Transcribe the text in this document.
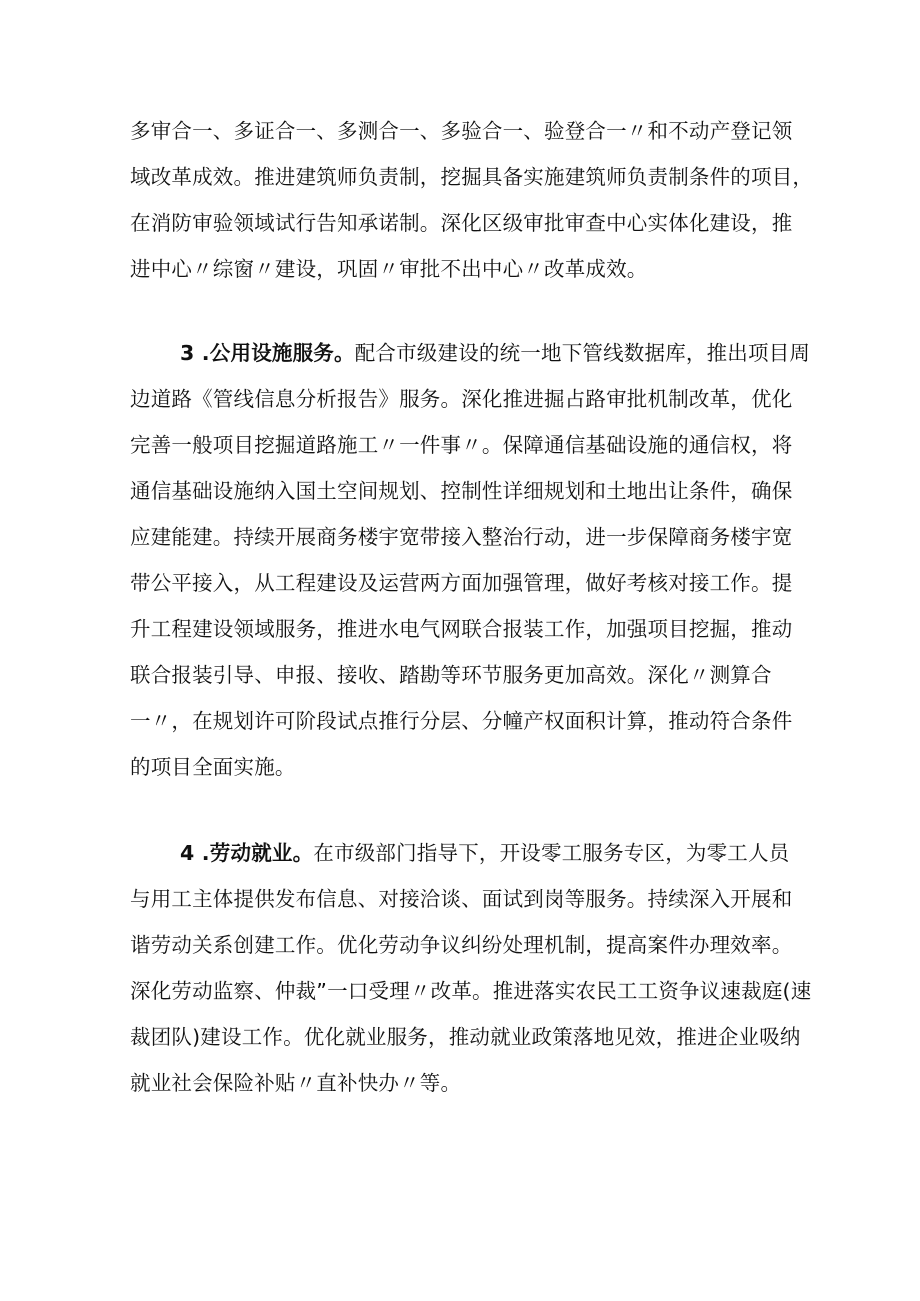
多审合一、多证合一、多测合一、多验合一、验登合一〃和不动产登记领
域改革成效。推进建筑师负责制，挖掘具备实施建筑师负责制条件的项目，
在消防审验领域试行告知承诺制。深化区级审批审查中心实体化建设，推
进中心〃综窗〃建设，巩固〃审批不出中心〃改革成效。
3 .公用设施服务。配合市级建设的统一地下管线数据库，推出项目周
边道路《管线信息分析报告》服务。深化推进掘占路审批机制改革，优化
完善一般项目挖掘道路施工〃一件事〃。保障通信基础设施的通信权，将
通信基础设施纳入国土空间规划、控制性详细规划和土地出让条件，确保
应建能建。持续开展商务楼宇宽带接入整治行动，进一步保障商务楼宇宽
带公平接入，从工程建设及运营两方面加强管理，做好考核对接工作。提
升工程建设领域服务，推进水电气网联合报装工作，加强项目挖掘，推动
联合报装引导、申报、接收、踏勘等环节服务更加高效。深化〃测算合
一〃，在规划许可阶段试点推行分层、分幢产权面积计算，推动符合条件
的项目全面实施。
4 .劳动就业。在市级部门指导下，开设零工服务专区，为零工人员
与用工主体提供发布信息、对接洽谈、面试到岗等服务。持续深入开展和
谐劳动关系创建工作。优化劳动争议纠纷处理机制，提高案件办理效率。
深化劳动监察、仲裁”一口受理〃改革。推进落实农民工工资争议速裁庭(速
裁团队)建设工作。优化就业服务，推动就业政策落地见效，推进企业吸纳
就业社会保险补贴〃直补快办〃等。
